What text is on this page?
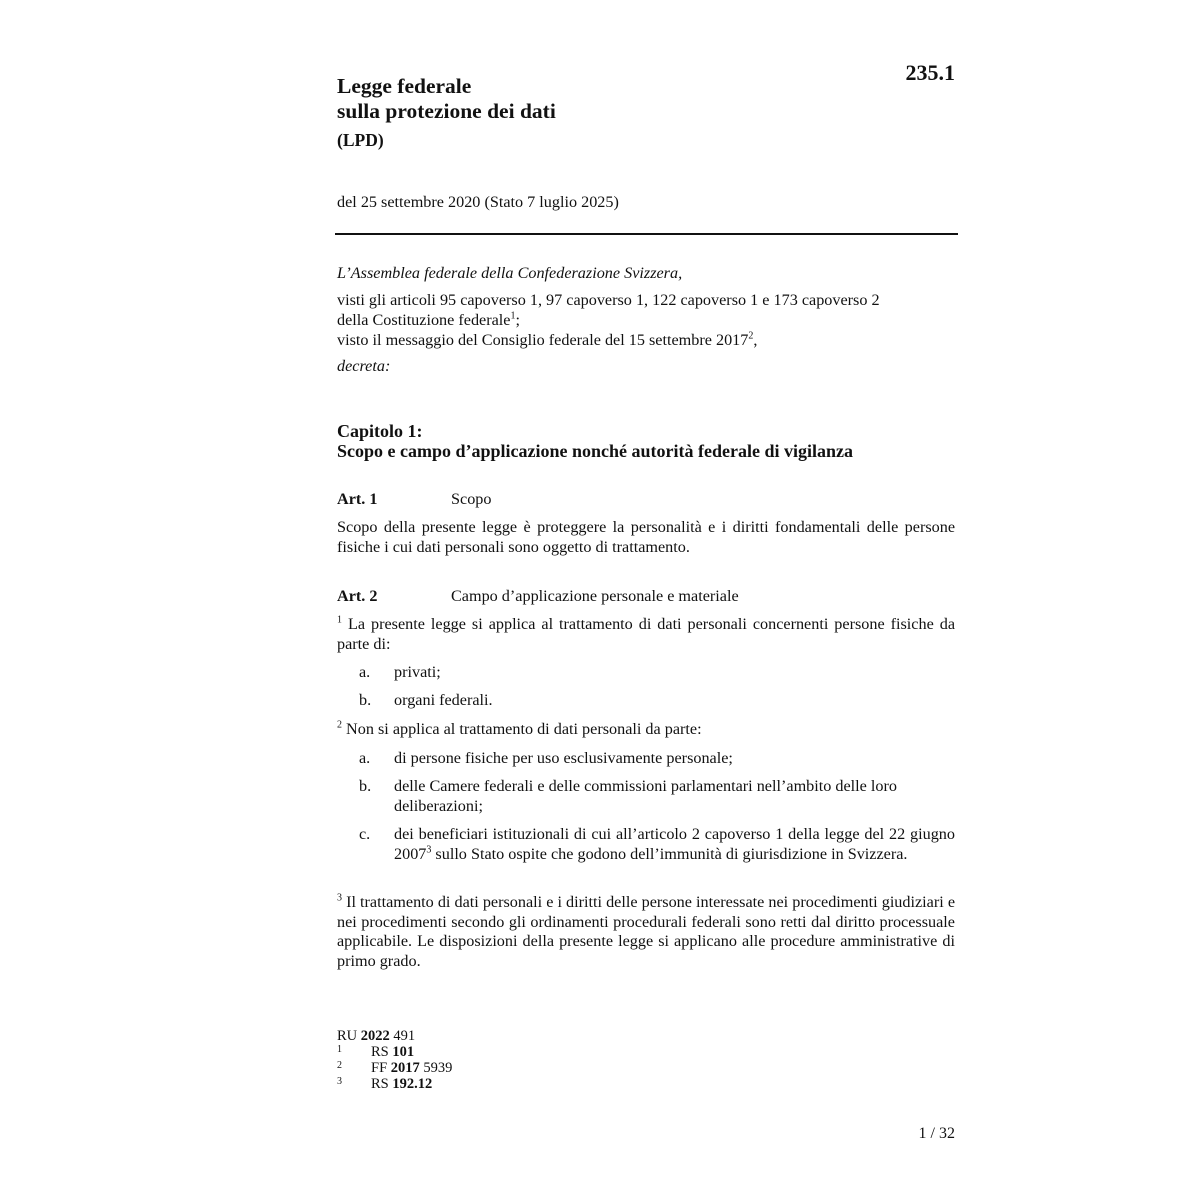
235.1
Legge federale
sulla protezione dei dati
(LPD)
del 25 settembre 2020 (Stato 7 luglio 2025)
L’Assemblea federale della Confederazione Svizzera,
visti gli articoli 95 capoverso 1, 97 capoverso 1, 122 capoverso 1 e 173 capoverso 2
della Costituzione federale$^1$;
visto il messaggio del Consiglio federale del 15 settembre 2017$^2$,
decreta:
Capitolo 1:
Scopo e campo d’applicazione nonché autorità federale di vigilanza
Art. 1	Scopo
Scopo della presente legge è proteggere la personalità e i diritti fondamentali delle persone fisiche i cui dati personali sono oggetto di trattamento.
Art. 2	Campo d’applicazione personale e materiale
$^1$ La presente legge si applica al trattamento di dati personali concernenti persone fisiche da parte di:
a. privati;
b. organi federali.
$^2$ Non si applica al trattamento di dati personali da parte:
a. di persone fisiche per uso esclusivamente personale;
b. delle Camere federali e delle commissioni parlamentari nell’ambito delle loro deliberazioni;
c. dei beneficiari istituzionali di cui all’articolo 2 capoverso 1 della legge del 22 giugno 2007$^3$ sullo Stato ospite che godono dell’immunità di giurisdizione in Svizzera.
$^3$ Il trattamento di dati personali e i diritti delle persone interessate nei procedimenti giudiziari e nei procedimenti secondo gli ordinamenti procedurali federali sono retti dal diritto processuale applicabile. Le disposizioni della presente legge si applicano alle procedure amministrative di primo grado.
RU 2022 491
1 RS 101
2 FF 2017 5939
3 RS 192.12
1 / 32
